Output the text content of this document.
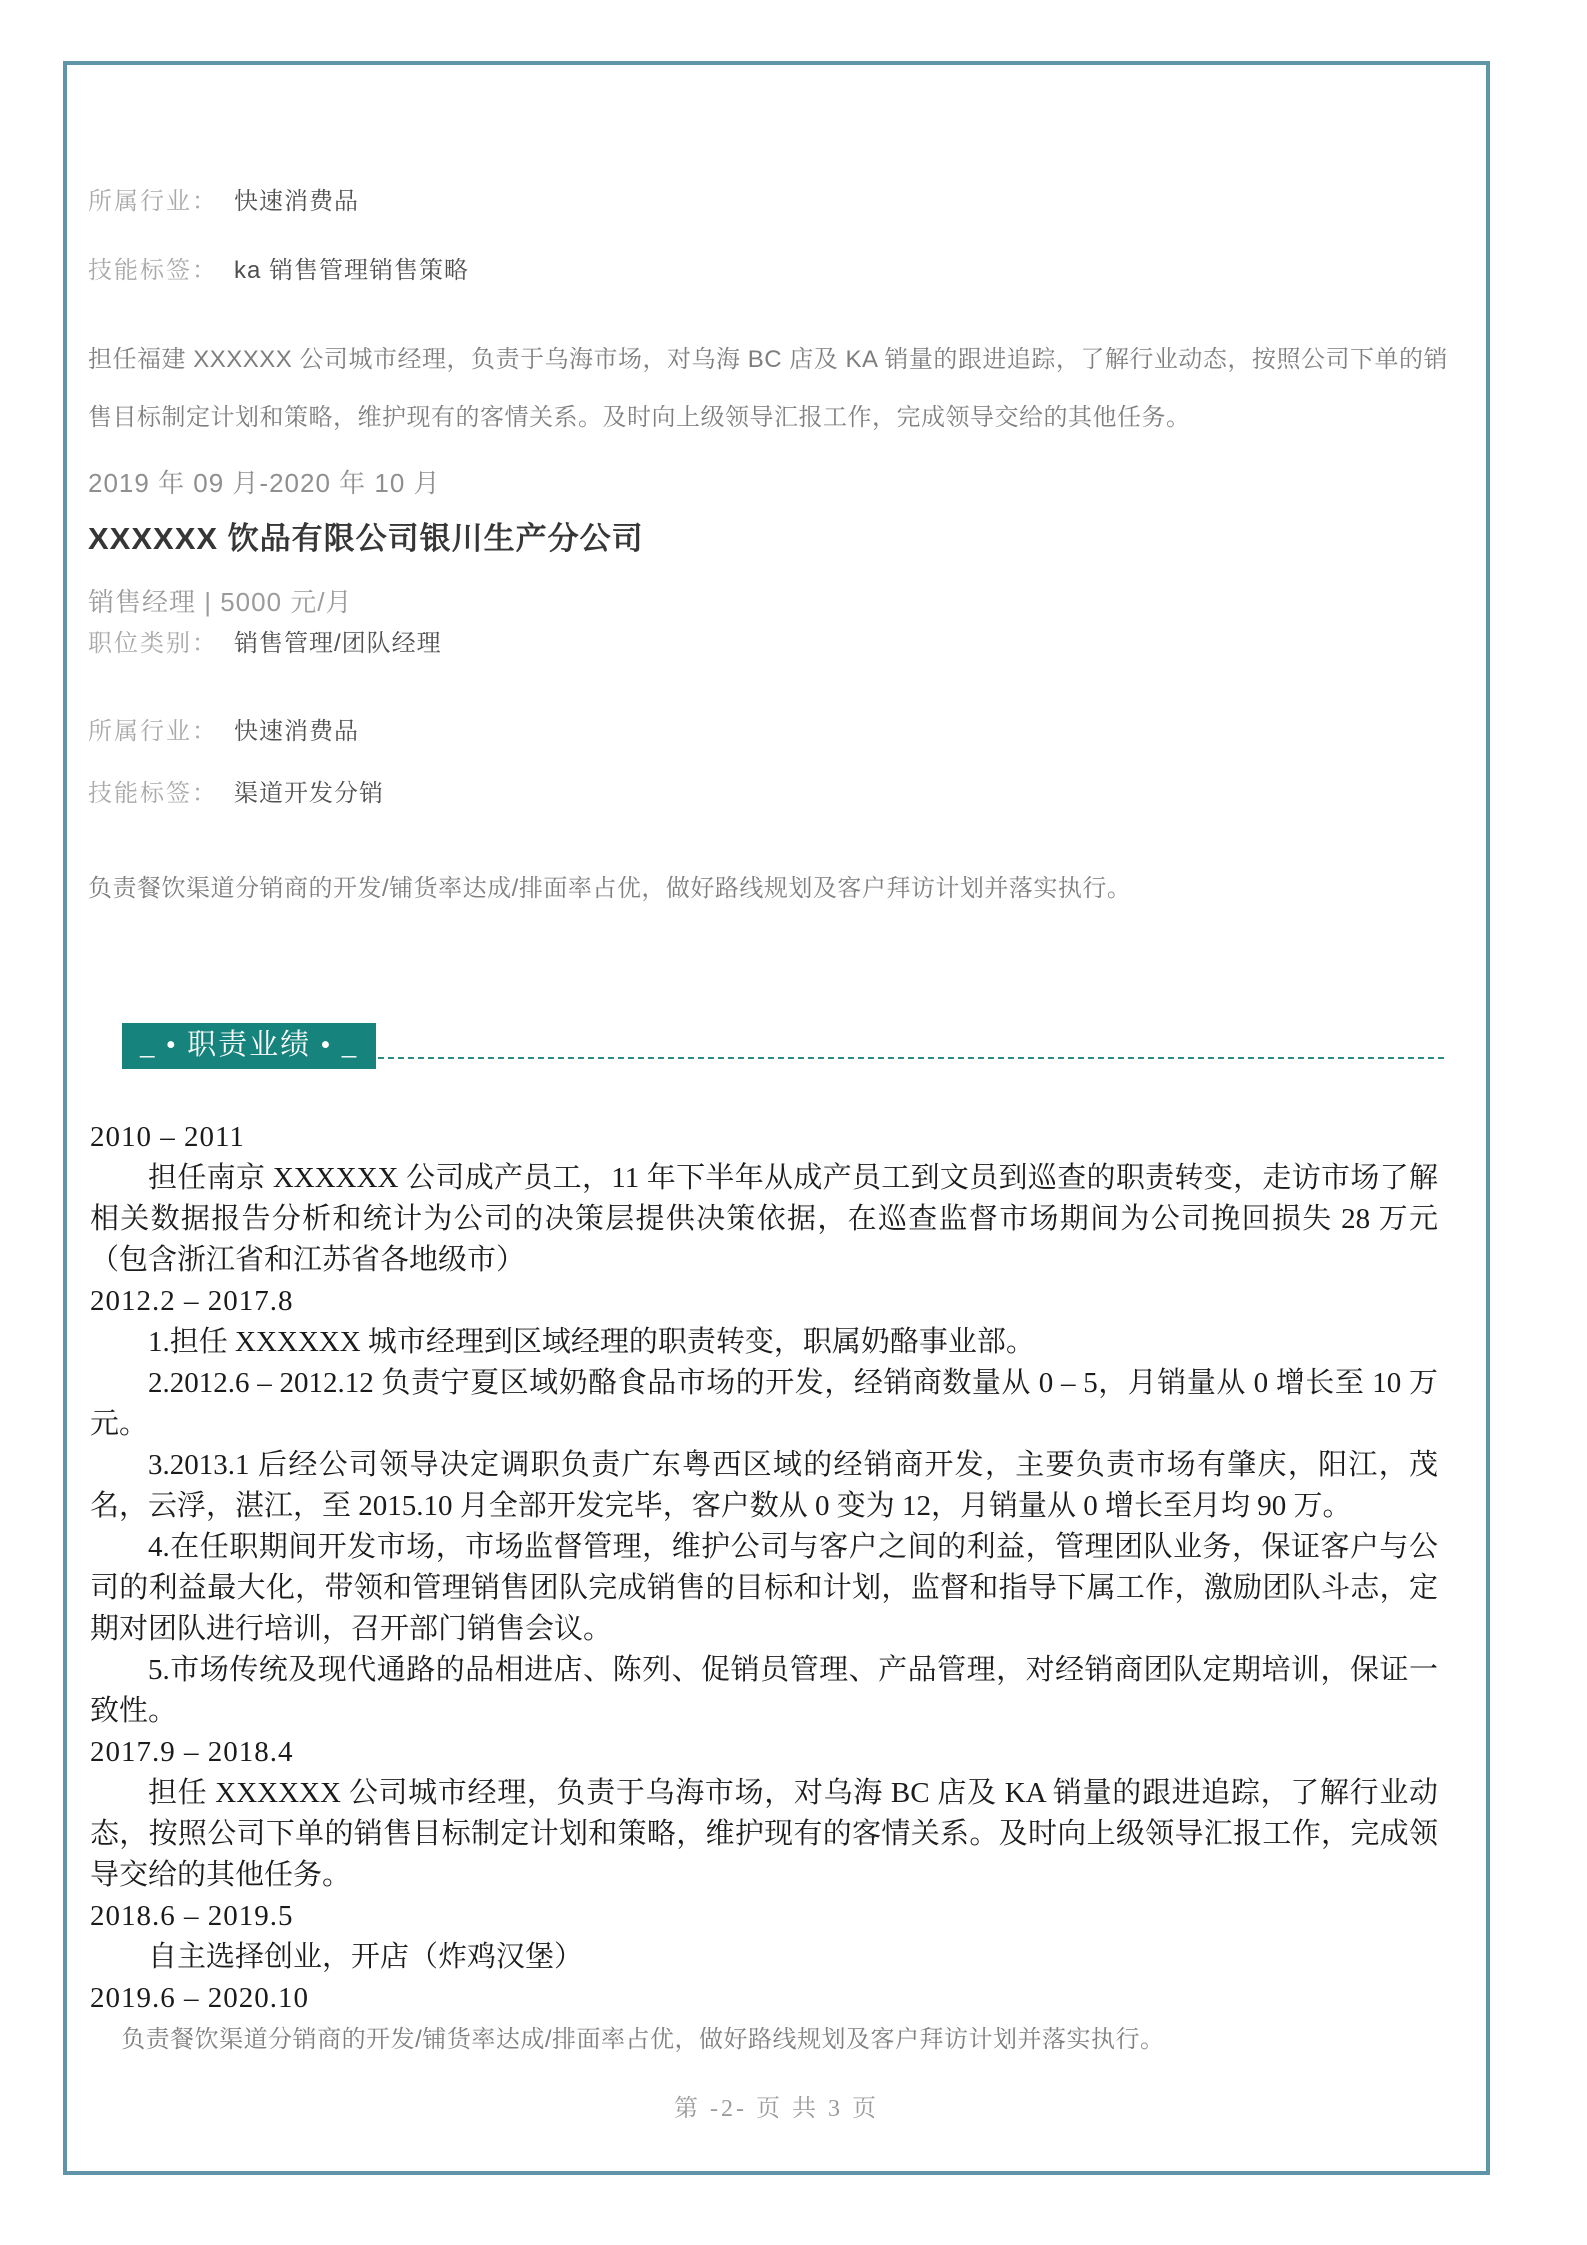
所属行业： 快速消费品
技能标签： ka 销售管理销售策略

担任福建 XXXXXX 公司城市经理，负责于乌海市场，对乌海 BC 店及 KA 销量的跟进追踪，了解行业动态，按照公司下单的销售目标制定计划和策略，维护现有的客情关系。及时向上级领导汇报工作，完成领导交给的其他任务。

2019 年 09 月-2020 年 10 月

XXXXXX 饮品有限公司银川生产分公司

销售经理 | 5000 元/月

职位类别： 销售管理/团队经理
所属行业： 快速消费品
技能标签： 渠道开发分销

负责餐饮渠道分销商的开发/铺货率达成/排面率占优，做好路线规划及客户拜访计划并落实执行。

_ • 职责业绩 • _

2010 – 2011

担任南京 XXXXXX 公司成产员工，11 年下半年从成产员工到文员到巡查的职责转变，走访市场了解相关数据报告分析和统计为公司的决策层提供决策依据，在巡查监督市场期间为公司挽回损失 28 万元（包含浙江省和江苏省各地级市）

2012.2 – 2017.8

1.担任 XXXXXX 城市经理到区域经理的职责转变，职属奶酪事业部。

2.2012.6 – 2012.12 负责宁夏区域奶酪食品市场的开发，经销商数量从 0 – 5，月销量从 0 增长至 10 万元。

3.2013.1 后经公司领导决定调职负责广东粤西区域的经销商开发，主要负责市场有肇庆，阳江，茂名，云浮，湛江，至 2015.10 月全部开发完毕，客户数从 0 变为 12，月销量从 0 增长至月均 90 万。

4.在任职期间开发市场，市场监督管理，维护公司与客户之间的利益，管理团队业务，保证客户与公司的利益最大化，带领和管理销售团队完成销售的目标和计划，监督和指导下属工作，激励团队斗志，定期对团队进行培训，召开部门销售会议。

5.市场传统及现代通路的品相进店、陈列、促销员管理、产品管理，对经销商团队定期培训，保证一致性。

2017.9 – 2018.4

担任 XXXXXX 公司城市经理，负责于乌海市场，对乌海 BC 店及 KA 销量的跟进追踪，了解行业动态，按照公司下单的销售目标制定计划和策略，维护现有的客情关系。及时向上级领导汇报工作，完成领导交给的其他任务。

2018.6 – 2019.5

自主选择创业，开店（炸鸡汉堡）

2019.6 – 2020.10

负责餐饮渠道分销商的开发/铺货率达成/排面率占优，做好路线规划及客户拜访计划并落实执行。

第 -2- 页 共 3 页
